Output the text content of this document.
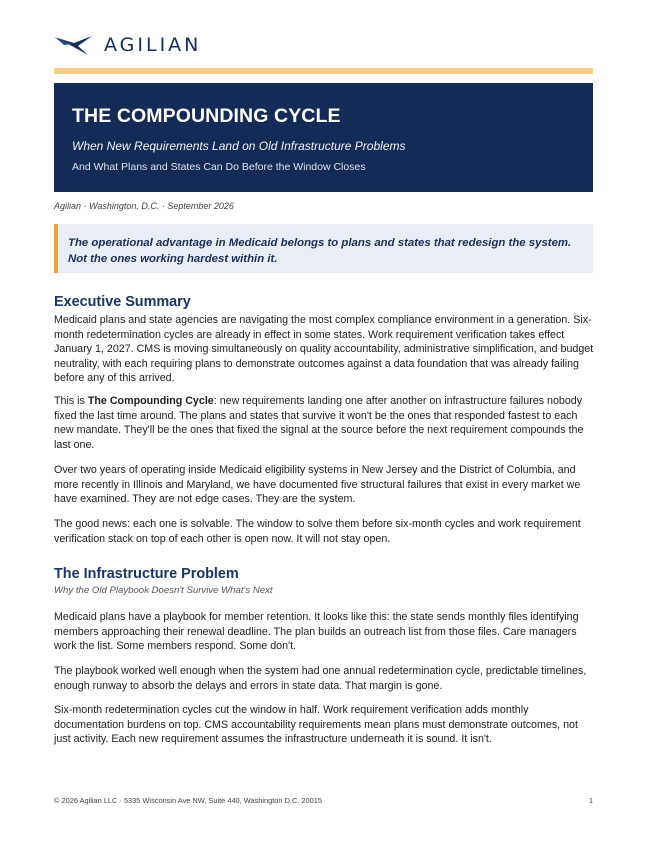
AGILIAN
THE COMPOUNDING CYCLE
When New Requirements Land on Old Infrastructure Problems
And What Plans and States Can Do Before the Window Closes
Agilian · Washington, D.C. · September 2026

The operational advantage in Medicaid belongs to plans and states that redesign the system.

Not the ones working hardest within it.

Executive Summary
Medicaid plans and state agencies are navigating the most complex compliance environment in a generation. Six-month redetermination cycles are already in effect in some states. Work requirement verification takes effect January 1, 2027. CMS is moving simultaneously on quality accountability, administrative simplification, and budget neutrality, with each requiring plans to demonstrate outcomes against a data foundation that was already failing before any of this arrived.
This is The Compounding Cycle: new requirements landing one after another on infrastructure failures nobody fixed the last time around. The plans and states that survive it won't be the ones that responded fastest to each new mandate. They'll be the ones that fixed the signal at the source before the next requirement compounds the last one.
Over two years of operating inside Medicaid eligibility systems in New Jersey and the District of Columbia, and more recently in Illinois and Maryland, we have documented five structural failures that exist in every market we have examined. They are not edge cases. They are the system.
The good news: each one is solvable. The window to solve them before six-month cycles and work requirement verification stack on top of each other is open now. It will not stay open.
The Infrastructure Problem
Why the Old Playbook Doesn't Survive What's Next
Medicaid plans have a playbook for member retention. It looks like this: the state sends monthly files identifying members approaching their renewal deadline. The plan builds an outreach list from those files. Care managers work the list. Some members respond. Some don't.
The playbook worked well enough when the system had one annual redetermination cycle, predictable timelines, enough runway to absorb the delays and errors in state data. That margin is gone.
Six-month redetermination cycles cut the window in half. Work requirement verification adds monthly documentation burdens on top. CMS accountability requirements mean plans must demonstrate outcomes, not just activity. Each new requirement assumes the infrastructure underneath it is sound. It isn't.
© 2026 Agilian LLC · 5335 Wisconsin Ave NW, Suite 440, Washington D.C. 20015	1
